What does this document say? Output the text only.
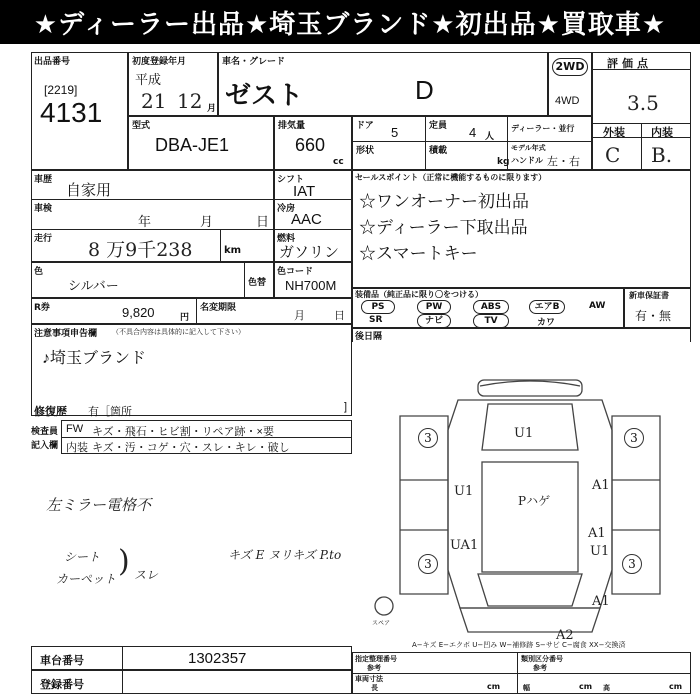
★ディーラー出品★埼玉ブランド★初出品★買取車★
出品番号
[2219]
4131
初度登録年月
平成
21 12 月
車名・グレード
ゼスト	D
2WD
4WD
評価点
3.5
外装 内装
C B.
型式
DBA-JE1
排気量
660
cc
ドア 5	定員 4 人
ディーラー・並行
形状	積載
kg
モデル年式
ハンドル 左・右
車歴
自家用
車検
年	月	日
走行 8 万9千238	km
シフト
IAT
冷房
AAC
燃料
ガソリン
セールスポイント（正常に機能するものに限ります）
☆ワンオーナー初出品
☆ディーラー下取出品
☆スマートキー
色
シルバー	色替
色コード
NH700M
R券	9,820	円
名変期限
月	日
装備品（純正品に限り〇をつける）
PS	PW	ABS	エアB	AW
SR	ナビ	TV	カワ
新車保証書
有・無
注意事項申告欄 （不具合内容は具体的に記入して下さい）
♪埼玉ブランド
修復歴 有［箇所	]
後日隔
検査員
記入欄
FW キズ・飛石・ヒビ割・リペア跡・×要
内装 キズ・汚・コゲ・穴・スレ・キレ・破し
左ミラー電格不
シート
カーペット ) スレ
キズ E ヌリキズ P.to
3	3
3	3
U1
U1
UA1
Pハゲ
A1
A1
U1
A1
A2
スペア
A−キズ E−エクボ U−凹み W−補修跡 S−サビ C−腐食 XX−交換済
車台番号	1302357
登録番号
指定整理番号
参考
類別区分番号
参考
車両寸法
長	cm	幅	cm 高	cm
